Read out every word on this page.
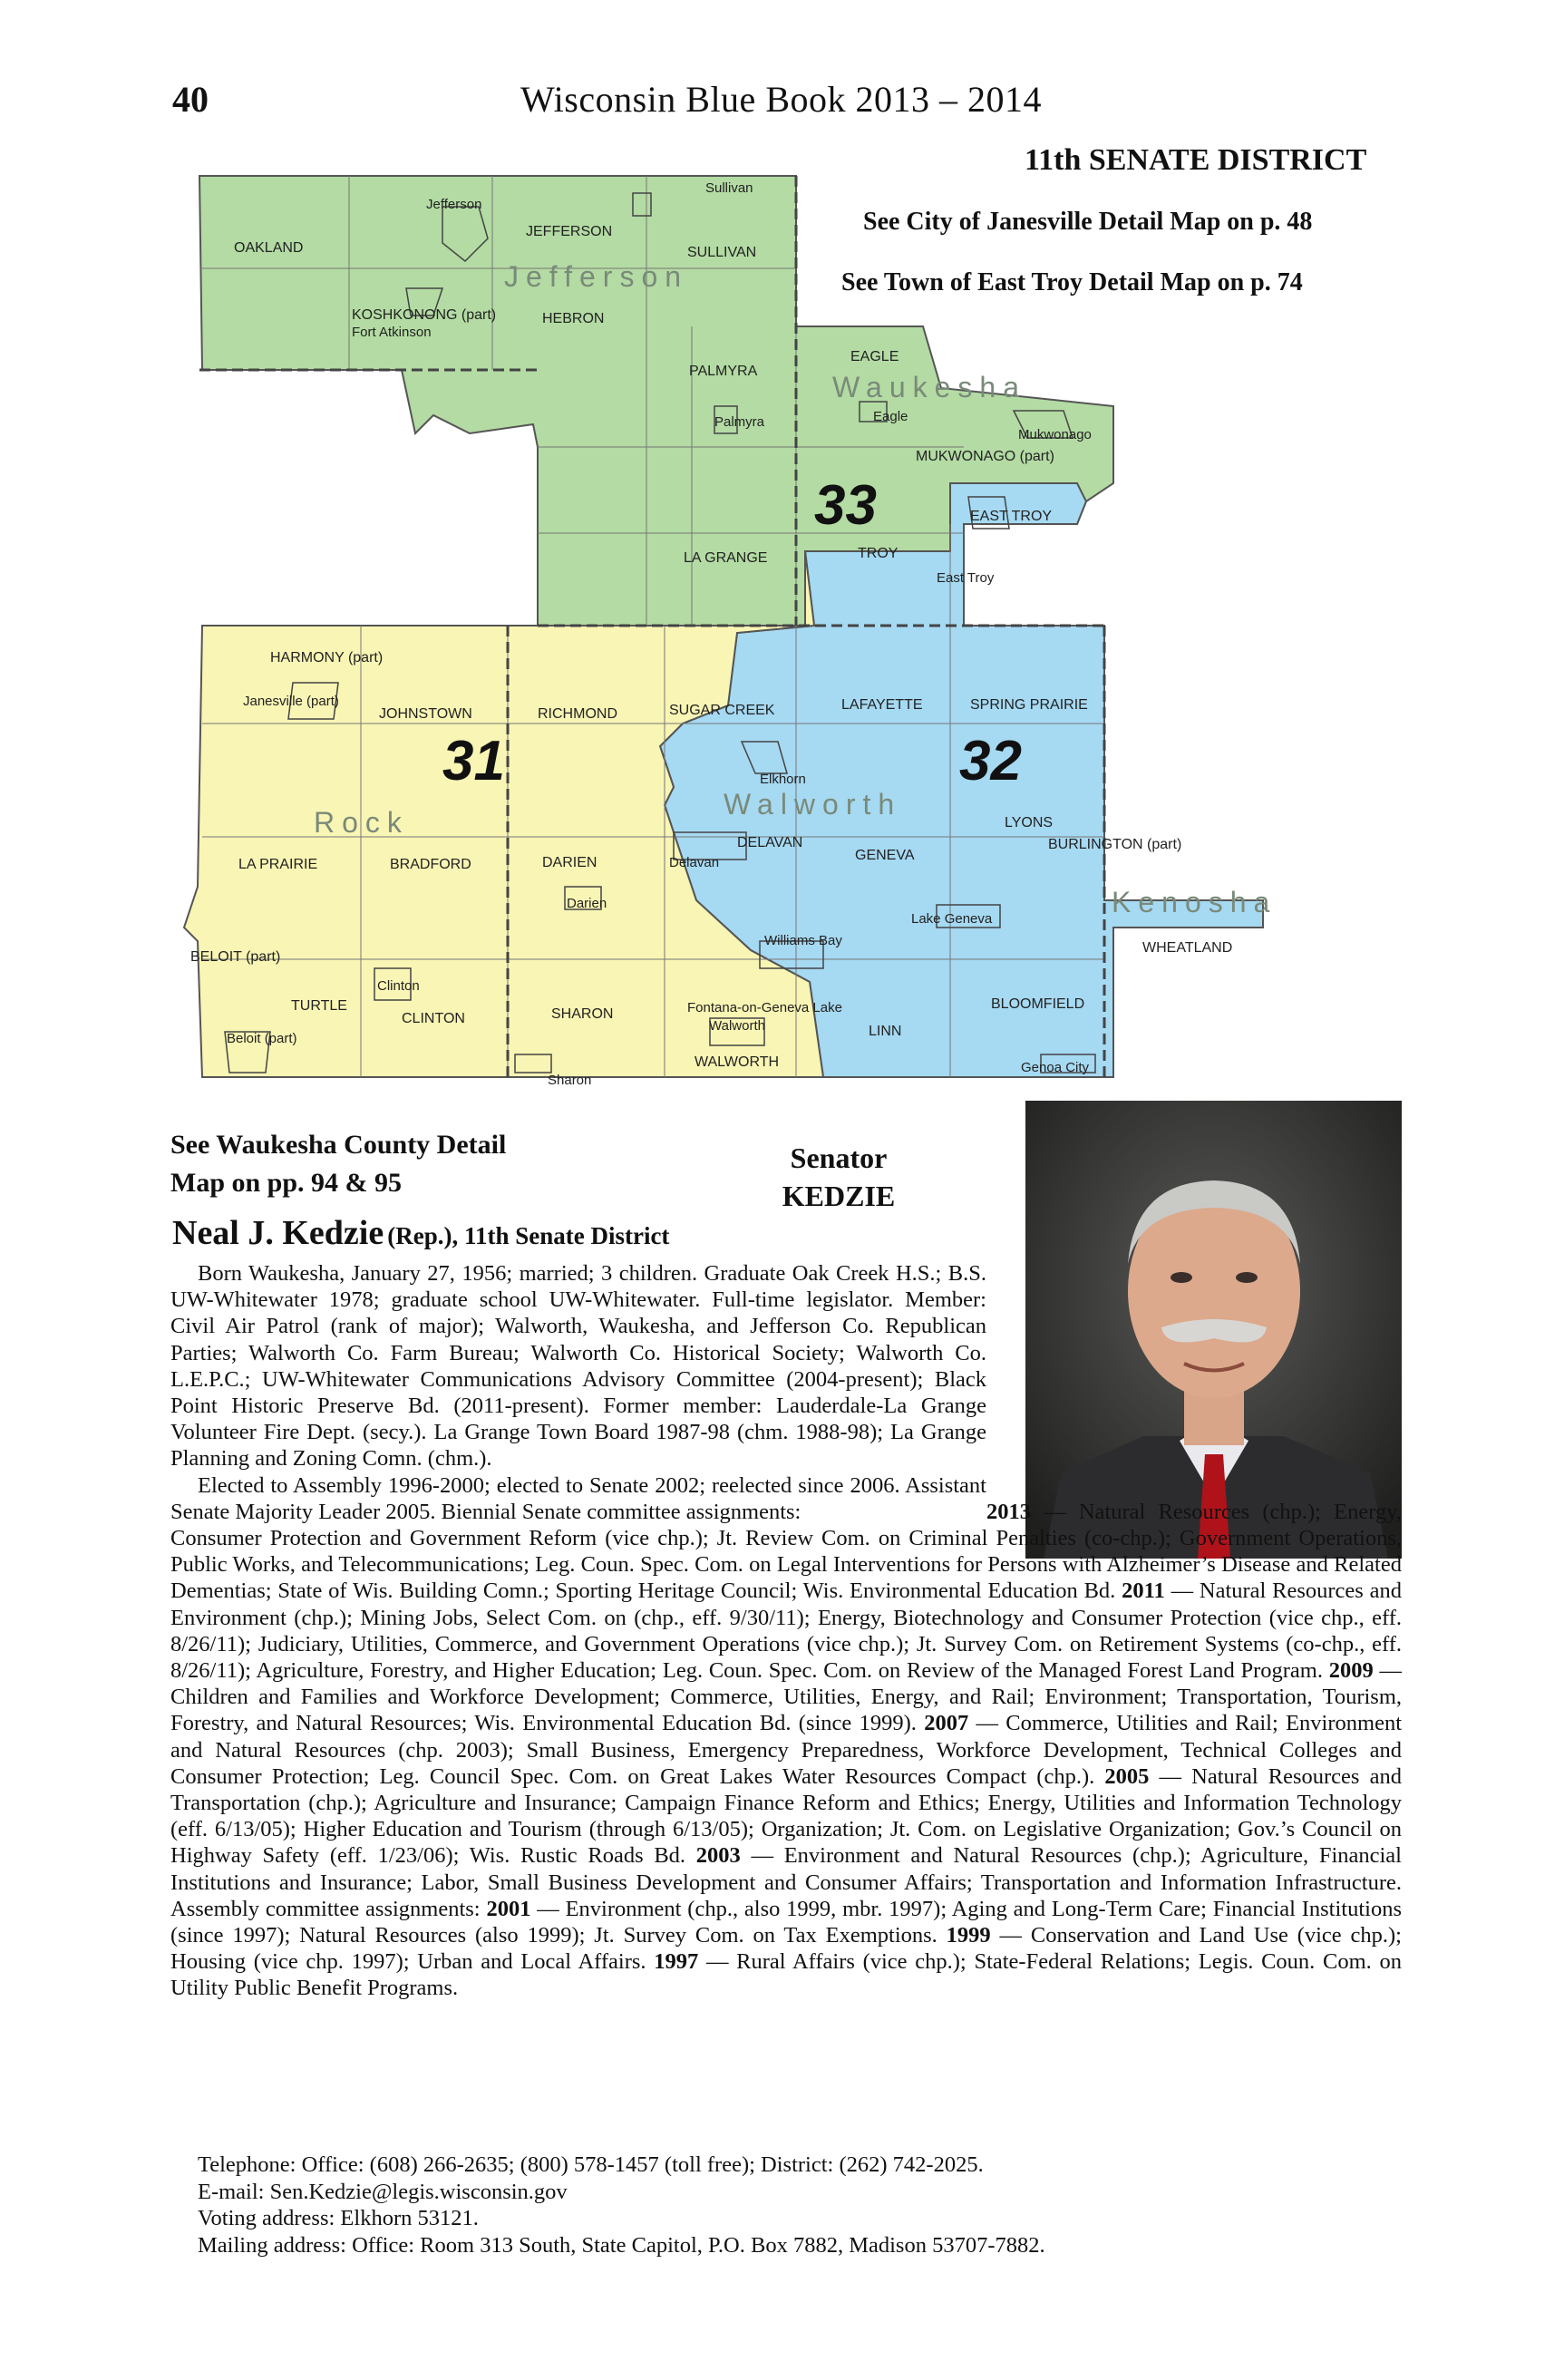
40	Wisconsin Blue Book 2013 – 2014
11th SENATE DISTRICT
See City of Janesville Detail Map on p. 48
See Town of East Troy Detail Map on p. 74
33
31	32
Jefferson
Waukesha
Rock
Walworth
Kenosha
OAKLAND
JEFFERSON
SULLIVAN
KOSHKONONG (part)	HEBRON
PALMYRA
EAGLE
MUKWONAGO (part)
LA GRANGE	TROY
EAST TROY
HARMONY (part)
JOHNSTOWN	RICHMOND	SUGAR CREEK	LAFAYETTE	SPRING PRAIRIE
LA PRAIRIE	BRADFORD	DARIEN
DELAVAN
GENEVA
LYONS
BURLINGTON (part)
BELOIT (part)
TURTLE
CLINTON	SHARON
WALWORTH
LINN
BLOOMFIELD
WHEATLAND
Sullivan
Jefferson
Fort Atkinson
Palmyra	Eagle
Mukwonago
East Troy
Janesville (part)
Elkhorn
Delavan
Darien
Williams Bay
Lake Geneva
Clinton
Fontana-on-Geneva Lake
Walworth
Sharon
Genoa City
Beloit (part)
See Waukesha County Detail
Map on pp. 94 & 95
Senator
KEDZIE
Neal J. Kedzie (Rep.), 11th Senate District

Born Waukesha, January 27, 1956; married; 3 children. Graduate Oak Creek H.S.; B.S. UW-Whitewater 1978; graduate school UW-Whitewater. Full-time legislator. Member: Civil Air Patrol (rank of major); Walworth, Waukesha, and Jefferson Co. Republican Parties; Walworth Co. Farm Bureau; Walworth Co. Historical Society; Walworth Co. L.E.P.C.; UW-Whitewater Communications Advisory Committee (2004-present); Black Point Historic Preserve Bd. (2011-present). Former member: Lauderdale-La Grange Volunteer Fire Dept. (secy.). La Grange Town Board 1987-98 (chm. 1988-98); La Grange Planning and Zoning Comn. (chm.).

Elected to Assembly 1996-2000; elected to Senate 2002; reelected since 2006. Assistant Senate Majority Leader 2005. Biennial Senate committee assignments:	2013 — Natural Resources (chp.); Energy, Consumer Protection and Government Reform (vice chp.); Jt. Review Com. on Criminal Penalties (co-chp.); Government Operations, Public Works, and Telecommunications; Leg. Coun. Spec. Com. on Legal Interventions for Persons with Alzheimer’s Disease and Related Dementias; State of Wis. Building Comn.; Sporting Heritage Council; Wis. Environmental Education Bd. 2011 — Natural Resources and Environment (chp.); Mining Jobs, Select Com. on (chp., eff. 9/30/11); Energy, Biotechnology and Consumer Protection (vice chp., eff. 8/26/11); Judiciary, Utilities, Commerce, and Government Operations (vice chp.); Jt. Survey Com. on Retirement Systems (co-chp., eff. 8/26/11); Agriculture, Forestry, and Higher Education; Leg. Coun. Spec. Com. on Review of the Managed Forest Land Program. 2009 — Children and Families and Workforce Development; Commerce, Utilities, Energy, and Rail; Environment; Transportation, Tourism, Forestry, and Natural Resources; Wis. Environmental Education Bd. (since 1999). 2007 — Commerce, Utilities and Rail; Environment and Natural Resources (chp. 2003); Small Business, Emergency Preparedness, Workforce Development, Technical Colleges and Consumer Protection; Leg. Council Spec. Com. on Great Lakes Water Resources Compact (chp.). 2005 — Natural Resources and Transportation (chp.); Agriculture and Insurance; Campaign Finance Reform and Ethics; Energy, Utilities and Information Technology (eff. 6/13/05); Higher Education and Tourism (through 6/13/05); Organization; Jt. Com. on Legislative Organization; Gov.’s Council on Highway Safety (eff. 1/23/06); Wis. Rustic Roads Bd. 2003 — Environment and Natural Resources (chp.); Agriculture, Financial Institutions and Insurance; Labor, Small Business Development and Consumer Affairs; Transportation and Information Infrastructure. Assembly committee assignments: 2001 — Environment (chp., also 1999, mbr. 1997); Aging and Long-Term Care; Financial Institutions (since 1997); Natural Resources (also 1999); Jt. Survey Com. on Tax Exemptions. 1999 — Conservation and Land Use (vice chp.); Housing (vice chp. 1997); Urban and Local Affairs. 1997 — Rural Affairs (vice chp.); State-Federal Relations; Legis. Coun. Com. on Utility Public Benefit Programs.

Telephone: Office: (608) 266-2635; (800) 578-1457 (toll free); District: (262) 742-2025.
E-mail: Sen.Kedzie@legis.wisconsin.gov
Voting address: Elkhorn 53121.
Mailing address: Office: Room 313 South, State Capitol, P.O. Box 7882, Madison 53707-7882.
